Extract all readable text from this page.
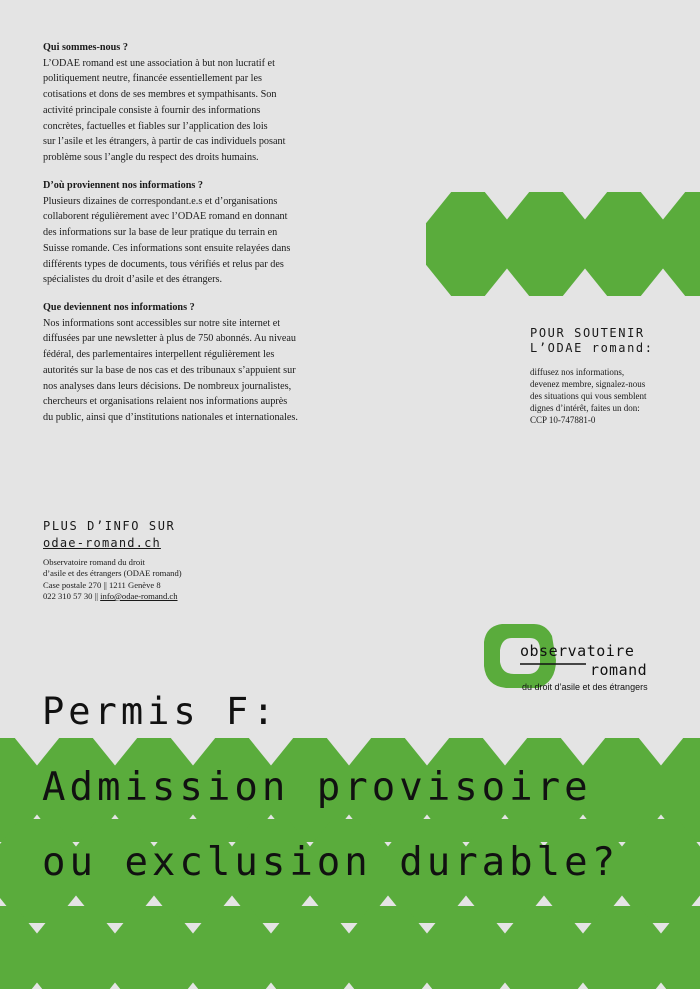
Qui sommes-nous ?

L’ODAE romand est une association à but non lucratif et

politiquement neutre, financée essentiellement par les

cotisations et dons de ses membres et sympathisants. Son

activité principale consiste à fournir des informations

concrètes, factuelles et fiables sur l’application des lois

sur l’asile et les étrangers, à partir de cas individuels posant

problème sous l’angle du respect des droits humains.

D’où proviennent nos informations ?

Plusieurs dizaines de correspondant.e.s et d’organisations

collaborent régulièrement avec l’ODAE romand en donnant

des informations sur la base de leur pratique du terrain en

Suisse romande. Ces informations sont ensuite relayées dans

différents types de documents, tous vérifiés et relus par des

spécialistes du droit d’asile et des étrangers.

Que deviennent nos informations ?

Nos informations sont accessibles sur notre site internet et

diffusées par une newsletter à plus de 750 abonnés. Au niveau

fédéral, des parlementaires interpellent régulièrement les

autorités sur la base de nos cas et des tribunaux s’appuient sur

nos analyses dans leurs décisions. De nombreux journalistes,

chercheurs et organisations relaient nos informations auprès

du public, ainsi que d’institutions nationales et internationales.

POUR SOUTENIR
L’ODAE romand:
diffusez nos informations,
devenez membre, signalez-nous
des situations qui vous semblent
dignes d’intérêt, faites un don:
CCP 10-747881-0
PLUS D’INFO SUR
odae-romand.ch
Observatoire romand du droit
d’asile et des étrangers (ODAE romand)
Case postale 270 || 1211 Genève 8
022 310 57 30 || info@odae-romand.ch
observatoire
romand
du droit d’asile et des étrangers
Permis F:
Admission provisoire
ou exclusion durable?
